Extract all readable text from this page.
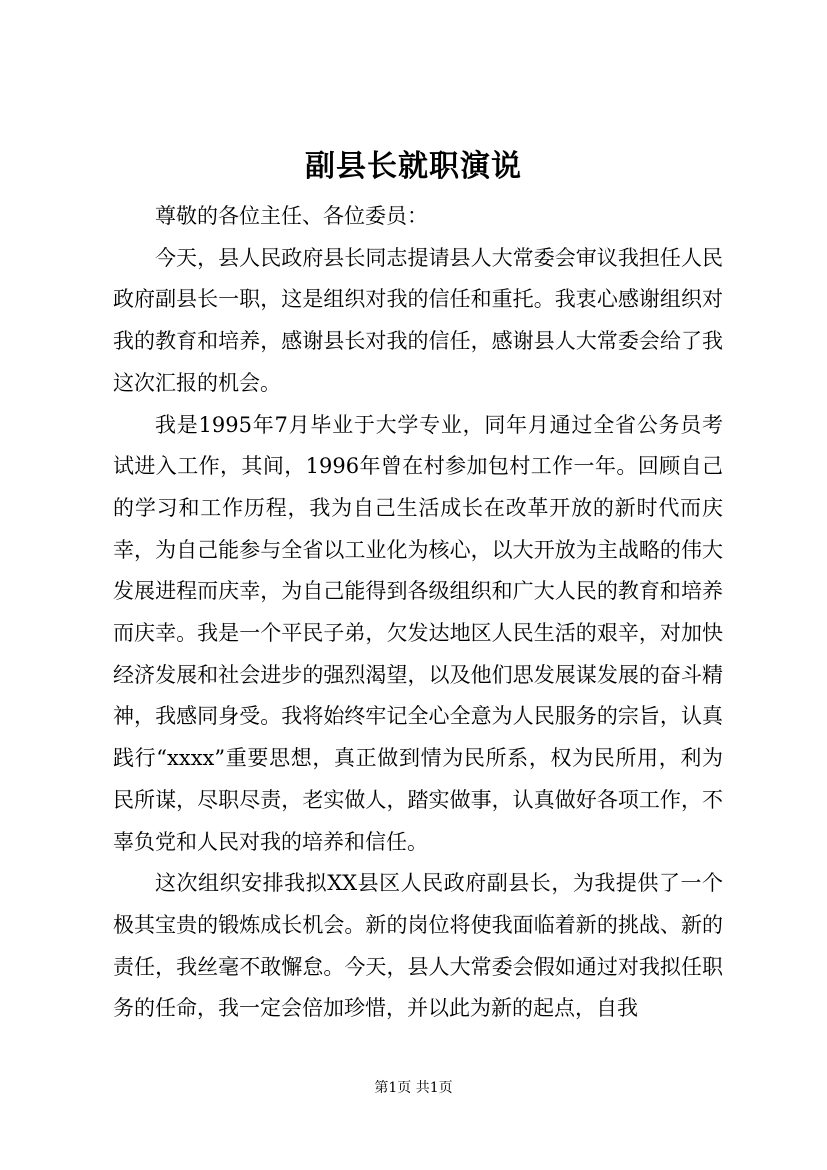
副县长就职演说

尊敬的各位主任、各位委员：

今天，县人民政府县长同志提请县人大常委会审议我担任人民政府副县长一职，这是组织对我的信任和重托。我衷心感谢组织对我的教育和培养，感谢县长对我的信任，感谢县人大常委会给了我这次汇报的机会。

我是1995年7月毕业于大学专业，同年月通过全省公务员考试进入工作，其间，1996年曾在村参加包村工作一年。回顾自己的学习和工作历程，我为自己生活成长在改革开放的新时代而庆幸，为自己能参与全省以工业化为核心，以大开放为主战略的伟大发展进程而庆幸，为自己能得到各级组织和广大人民的教育和培养而庆幸。我是一个平民子弟，欠发达地区人民生活的艰辛，对加快经济发展和社会进步的强烈渴望，以及他们思发展谋发展的奋斗精神，我感同身受。我将始终牢记全心全意为人民服务的宗旨，认真践行“xxxx”重要思想，真正做到情为民所系，权为民所用，利为民所谋，尽职尽责，老实做人，踏实做事，认真做好各项工作，不辜负党和人民对我的培养和信任。

这次组织安排我拟XX县区人民政府副县长，为我提供了一个极其宝贵的锻炼成长机会。新的岗位将使我面临着新的挑战、新的责任，我丝毫不敢懈怠。今天，县人大常委会假如通过对我拟任职务的任命，我一定会倍加珍惜，并以此为新的起点，自我

第1页 共1页
